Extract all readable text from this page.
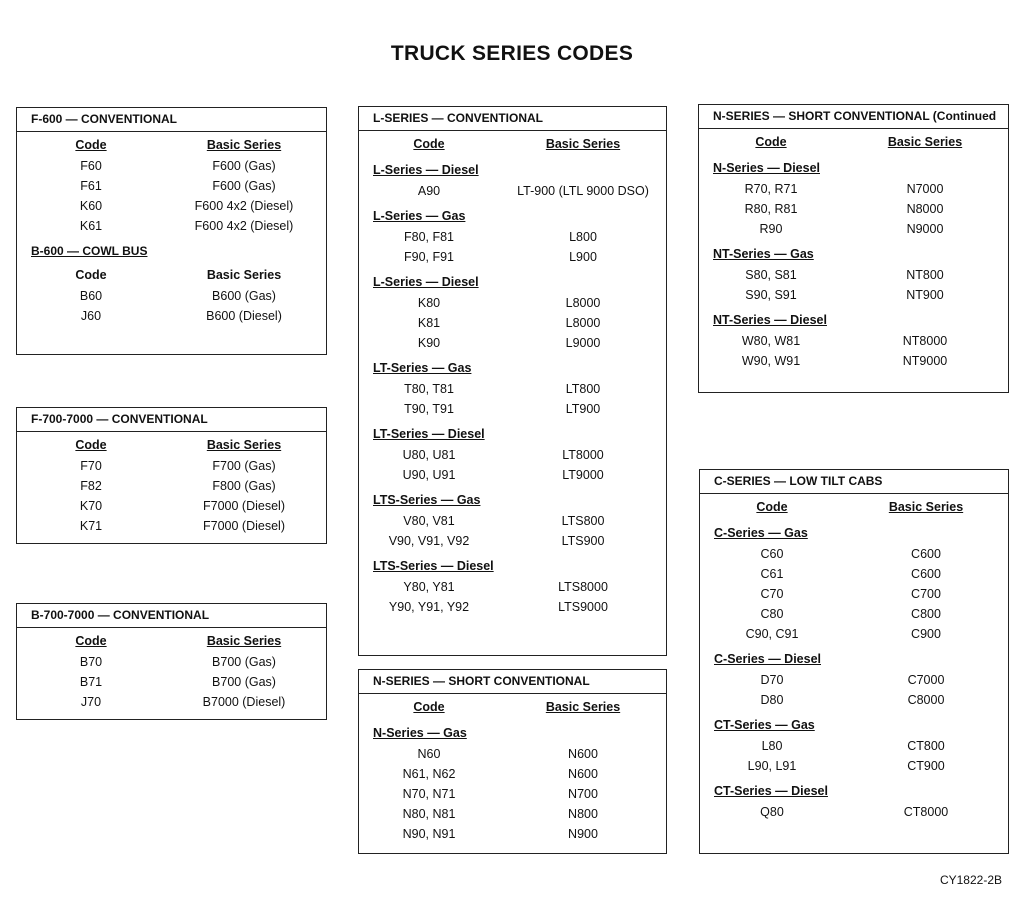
TRUCK SERIES CODES
F-600 — CONVENTIONAL
Code	Basic Series
F60	F600 (Gas)
F61	F600 (Gas)
K60	F600 4x2 (Diesel)
K61	F600 4x2 (Diesel)
B-600 — COWL BUS
Code	Basic Series
B60	B600 (Gas)
J60	B600 (Diesel)
F-700-7000 — CONVENTIONAL
Code	Basic Series
F70	F700 (Gas)
F82	F800 (Gas)
K70	F7000 (Diesel)
K71	F7000 (Diesel)
B-700-7000 — CONVENTIONAL
Code	Basic Series
B70	B700 (Gas)
B71	B700 (Gas)
J70	B7000 (Diesel)
L-SERIES — CONVENTIONAL
Code	Basic Series
L-Series — Diesel
A90	LT-900 (LTL 9000 DSO)
L-Series — Gas
F80, F81	L800
F90, F91	L900
L-Series — Diesel
K80	L8000
K81	L8000
K90	L9000
LT-Series — Gas
T80, T81	LT800
T90, T91	LT900
LT-Series — Diesel
U80, U81	LT8000
U90, U91	LT9000
LTS-Series — Gas
V80, V81	LTS800
V90, V91, V92	LTS900
LTS-Series — Diesel
Y80, Y81	LTS8000
Y90, Y91, Y92	LTS9000
N-SERIES — SHORT CONVENTIONAL
Code	Basic Series
N-Series — Gas
N60	N600
N61, N62	N600
N70, N71	N700
N80, N81	N800
N90, N91	N900
N-SERIES — SHORT CONVENTIONAL (Continued
Code	Basic Series
N-Series — Diesel
R70, R71	N7000
R80, R81	N8000
R90	N9000
NT-Series — Gas
S80, S81	NT800
S90, S91	NT900
NT-Series — Diesel
W80, W81	NT8000
W90, W91	NT9000
C-SERIES — LOW TILT CABS
Code	Basic Series
C-Series — Gas
C60	C600
C61	C600
C70	C700
C80	C800
C90, C91	C900
C-Series — Diesel
D70	C7000
D80	C8000
CT-Series — Gas
L80	CT800
L90, L91	CT900
CT-Series — Diesel
Q80	CT8000
CY1822-2B
